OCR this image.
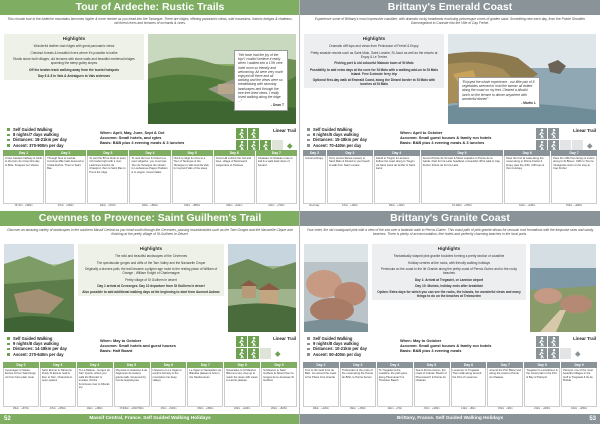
Tour of Ardeche: Rustic Trails
This circular tour in the Ardèche mountains becomes higher & more remote as you head into the Tanargue. There are ridges, offering panoramic views, wild mountains, historic bridges & chateaux, old forest rivers and terraces of orchards & vines.
Highlights

Wonderful leather clad ridges with great panoramic views

Chestnut forests & beautiful rivers where it's possible to bathe

Rustic stone built villages, old terraces with stone walls and beautiful medieval bridges spanning the steep gulley slopes

Off the beaten track walking away from the tourist hotspots

Day 6 & 8 In Vals & Antraigues to Vals ardennes

"We have had the joy of the trip! I couldn't believe it really when I walked into a 17th cent hotel room so friendly and welcoming. All were very much enjoyed off there and all walking and the views were so breathtaking with stunning landscapes and through the tree tree lined views. I really loved walking along the ridge ..."
- Dean T
Self Guided Walking
8 nights/7 days walking
Distances: 18-21km per day
Ascent: 370-900m per day
When: April, May, June, Sept & Oct
Accomm: Small hotels, and rgtes
Basis: B&B plus 4 evening meals & 3 lunches
Linear Trail
Day 1
Cross Gardere halfway & climb to the farm de Cinqu first day to Bole. Fraigues sur Volane
16.7km · +590m
Day 2
Through here to Lachat. Continue Mlle trails descend to Chata Dorbre. Then to Saint Bas
17km · +630m
Day 3
To visit the 8th & climb to quiet rich Isabel right with a river Lailonnes Antoine de Chaulyrol, then to Saint Bas to Pra & the ridge
20km · +570m
Day 4
To note the tour & Chirel-in-a open ridgeline, you must trips Tour de Tanargue the stream to Loubaresse Pages Pradiers & to Hugon. Guest Valles
18km · +560m
Day 5
Climb to ridge & cross to a Tour of Tanargue & the Tanargue to Vals Hamba Vals to Ceyrand Vals of the steep
19km · +850m
Day 6
Cross Hill a climb the Col and lines, village of Montreal & Largentiere to Tanimes
18km · +610m
Day 7
Chateaux & Chateau route to trail & a walk back down of Cenard
21km · +740m
Cevennes to Provence: Saint Guilhem's Trail
Discover an amazing variety of landscapes in the southern Massif Central as you head south through the Cevennes, passing mountainsides such as the Tarn Gorges and the Navacelle Cirque and finishing at the pretty village of St-Guilhem-le-Désert.
Highlights

The wild and beautiful landscapes of the Cevennes

The spectacular gorges and cliffs of the Tarn Valley and the Navacelle Cirque

Originally a drovers path, the trail became a pilgrim age route to the resting place of William of Orange - William Knight of Charlemagne

Pretty village of St Guilhem le desert

Day 1 arrival at Cevezeges. Day 10 departure from St Guilhem le desert

Also possible to add additional walking days at the beginning to start from Aumont Aubrac

Self Guided Walking
9 nights/8 days walking
Distances: 14-18km per day
Ascent: 270-640m per day
When: May to October
Accomm: Small hotels and guest houses
Basis: Half Board
Linear Trail
Day 2
Cevezages to Sainte-Enimie & from Saint Enge via from here plain route
15km · +670m
Day 3
Saint Enimie to Tabourne. Pretty St Enimie road & then to Tarn, Chanurde & open spaces
17km · +650m
Day 4
To La Malene - Gorges du Tarn Quorls, where you walk the Borrelez & smokes. Roche Foncrieres river & hillocks top
14km · +480m
Day 5
Meyrueis to Gitazeso & de Sagonnes de Gela la giants walk. Greeened by Col de Gaprebynee
17/23km · +640/730m
Day 6
L'Esperou to Le Vigan to explore full way to the mountains into deep valleys
17km · +540m
Day 7
Le Vigan to Navacelles via Blandas plateau & Gris in the Naxdsmanes
15km · +450m
Day 8
Navacelles to St Maurice Bfiel at a very step up to reach the steps with views to Larzac plateau
18km · +420m
Day 9
St Maurice to Saint Guilhem le Desert then la Gorges de la Jonessee St Guilhem
20km · +523m
52	Massif Central, France. Self Guided Walking Holidays
Brittany's Emerald Coast
Experience some of Brittany's most impressive coastline, with dramatic rocky headlands enclosing picturesque coves of golden sand. Something new each day, from the Pointe Shoulder Gammegriand to Cancale into the Ville of Cap Frehel.
Highlights

Dramatic cliff tops and views from Peninsular of Frehel & Erquy

Pretty seaside resorts such as Saint Malo, Saint Lunaire, St Jacut as well as the resorts at Erquy & Le Terriex

Fishing port & old colourful Malouin town of St Malo

Possibility to add extra days at the cove for St Malo with a walking add-on to St Malo Island. Free 5-minute ferry trip

Optional first-day walk at Emerald Coast, along the Dinard border to St Malo with lunches at St Malo	"Enjoyed the whole experience - our little pair of 8 vegetables seemed to hold the tarmac all dotted along the coast on my feet. Cleared a blissful lunch on the terrace to dinner anywhere with wonderful dinner!"
- Martin L
Self Guided Walking
6 nights/5 days walking
Distances: 15-18km per day
Ascent: 70-440m per day
When: April to October
Accomm: Small guest houses & family run hotels
Basis: B&B plus 4 evening meals & 3 lunches
Linear Trail
Day 2
Arrival at Erquy
Rest day
Day 3
Ferry across Ranee estuary to Saint Malo & Dinard to your beach & walk from Saint Lunaire
17km · +160m
Day 4
Island to Tregon & Lancieux. Follow the coast along to Tregon via Saint Jacut de la Mer to Saint Jacut
16km · +120m
Day 5
Around Pointe de St Cast & follow coastline to Pointe de la Garde. Past Fort la Latte headland, a beautiful cliff & walk to Cap Frehel. Pointe de Fort la Latte
15-18km · +250m
Day 6
Pass the Fort la Latte along the coast along to Pointe Frehel & Erquy past the cliffs. Cliff tops & then to Erquy
16km · +440m
Day 7
Pass the cliffs from Erquy & Lehon along to St Brieuc. Cliffs to Tour la Vinaigrette return to the stay at Cap Frehel
15km · +280m
Brittany's Granite Coast
Your hotel, the old coastguard pink with a view of the sea over a fantastic walk to Perros-Guirec. This coast path of pink granite allows for unusual rock formations with the turquoise seas and sandy beaches. There is plenty of accommodation, fine hotels and perfectly charming beaches in the local ports.
Highlights

Fantastically shaped pink granite boulders forming a pretty section of coastline

Holiday centres at the rocks, with friendly walking holidays

Peninsula on the coast to the Ile Grande along the pretty coast of Perros-Guirec and to the rocky beaches

Day 1: Arrival at Tregastel, or Lannion airport

Day 10: Morlaix, holiday ends after breakfast

Option: Extra days for which you can see the rocks, the islands, for wonderful views and many things to do on the beaches at Trebeurden

Self Guided Walking
9 nights/8 days walking
Distances: 10-21km per day
Ascent: 50-400m per day
When: May to October
Accomm: Small guest houses & family run hotels
Basis: B&B plus 3 evening meals
Linear Trail
Day 2
Tour to the Gold & Ile de Batz. Go around the coast & the Phare & Ile Grande
18km · +120m
Day 3
Trebeurden & the rocks of the coast along the Pointe de Bihit, to Pointe Servel
16km · +150m
Day 4
To Tregastel & the coastline; the path goes along Ploumanac'h & Trestraou Beach
12km · +70m
Day 5
Sea & Perros-Guirec, the coast of Granite. Beach of Ploumanac'h & Pointe du Chateau
17km · +100m
Day 6
Louannec to Tregastel. Then walk along around the Port of Louannec
14km · +80m
Day 7
Around the Port Blanc and along the coast to Pointe du Chateau
15km · +90m
Day 8
Tregastel to Lezardrieux & the Coast path to the Port & Bay of Paimpol
21km · +200m
Day 9
Paimpol: one of the most beautiful villages in the Gulf to Tregastel & Ile de Brehat
10km · +250m
Brittany, France. Self Guided Walking Holidays	53
